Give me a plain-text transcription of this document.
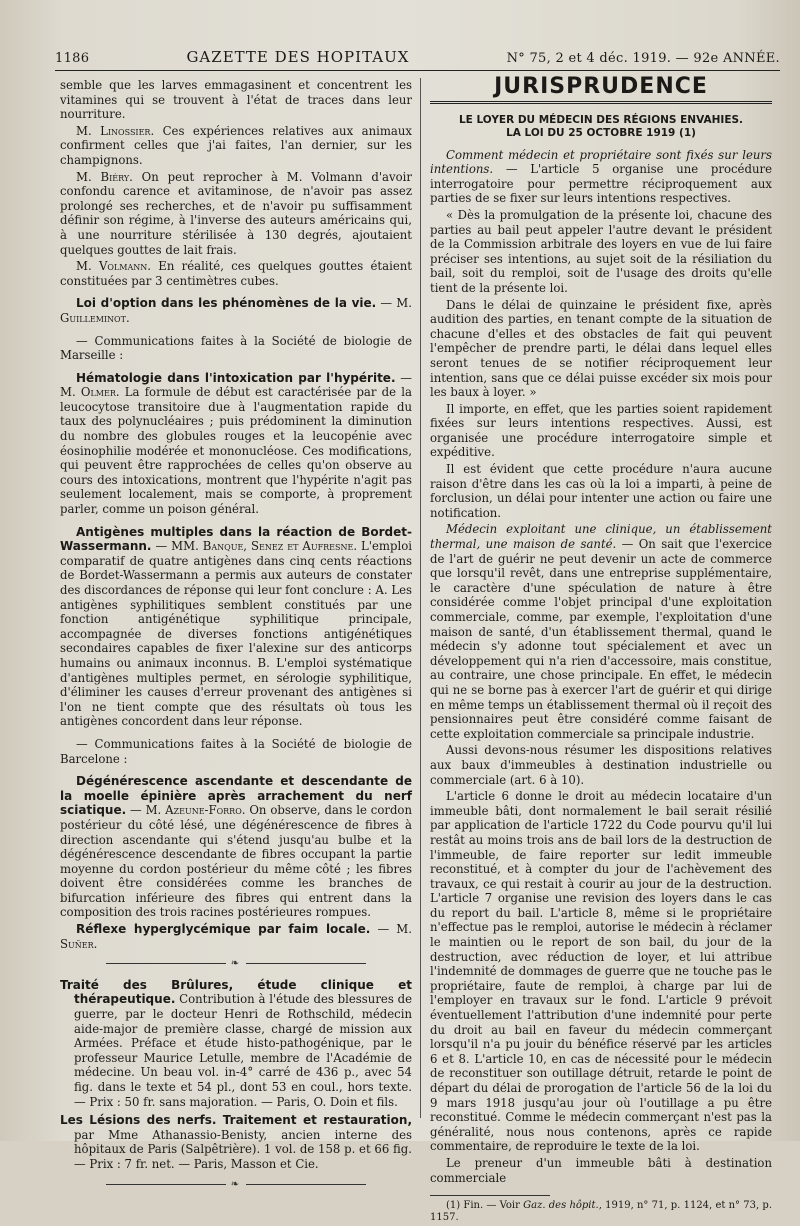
1186	GAZETTE DES HOPITAUX	N° 75, 2 et 4 déc. 1919. — 92e ANNÉE.

semble que les larves emmagasinent et concentrent les vitamines qui se trouvent à l'état de traces dans leur nourriture.

M. Linossier. Ces expériences relatives aux animaux confirment celles que j'ai faites, l'an dernier, sur les champignons.

M. Biéry. On peut reprocher à M. Volmann d'avoir confondu carence et avitaminose, de n'avoir pas assez prolongé ses recherches, et de n'avoir pu suffisamment définir son régime, à l'inverse des auteurs américains qui, à une nourriture stérilisée à 130 degrés, ajoutaient quelques gouttes de lait frais.

M. Volmann. En réalité, ces quelques gouttes étaient constituées par 3 centimètres cubes.

Loi d'option dans les phénomènes de la vie. — M. Guilleminot.

— Communications faites à la Société de biologie de Marseille :

Hématologie dans l'intoxication par l'hypérite. — M. Olmer. La formule de début est caractérisée par de la leucocytose transitoire due à l'augmentation rapide du taux des polynucléaires ; puis prédominent la diminution du nombre des globules rouges et la leucopénie avec éosinophilie modérée et mononucléose. Ces modifications, qui peuvent être rapprochées de celles qu'on observe au cours des intoxications, montrent que l'hypérite n'agit pas seulement localement, mais se comporte, à proprement parler, comme un poison général.

Antigènes multiples dans la réaction de Bordet-Wassermann. — MM. Banque, Senez et Aufresne. L'emploi comparatif de quatre antigènes dans cinq cents réactions de Bordet-Wassermann a permis aux auteurs de constater des discordances de réponse qui leur font conclure : A. Les antigènes syphilitiques semblent constitués par une fonction antigénétique syphilitique principale, accompagnée de diverses fonctions antigénétiques secondaires capables de fixer l'alexine sur des anticorps humains ou animaux inconnus. B. L'emploi systématique d'antigènes multiples permet, en sérologie syphilitique, d'éliminer les causes d'erreur provenant des antigènes si l'on ne tient compte que des résultats où tous les antigènes concordent dans leur réponse.

— Communications faites à la Société de biologie de Barcelone :

Dégénérescence ascendante et descendante de la moelle épinière après arrachement du nerf sciatique. — M. Azeune-Forro. On observe, dans le cordon postérieur du côté lésé, une dégénérescence de fibres à direction ascendante qui s'étend jusqu'au bulbe et la dégénérescence descendante de fibres occupant la partie moyenne du cordon postérieur du même côté ; les fibres doivent être considérées comme les branches de bifurcation inférieure des fibres qui entrent dans la composition des trois racines postérieures rompues.

Réflexe hyperglycémique par faim locale. — M. Suñer.

❧

Traité des Brûlures, étude clinique et thérapeutique. Contribution à l'étude des blessures de guerre, par le docteur Henri de Rothschild, médecin aide-major de première classe, chargé de mission aux Armées. Préface et étude histo-pathogénique, par le professeur Maurice Letulle, membre de l'Académie de médecine. Un beau vol. in-4° carré de 436 p., avec 54 fig. dans le texte et 54 pl., dont 53 en coul., hors texte. — Prix : 50 fr. sans majoration. — Paris, O. Doin et fils.

Les Lésions des nerfs. Traitement et restauration, par Mme Athanassio-Benisty, ancien interne des hôpitaux de Paris (Salpêtrière). 1 vol. de 158 p. et 66 fig. — Prix : 7 fr. net. — Paris, Masson et Cie.

❧
JURISPRUDENCE
LE LOYER DU MÉDECIN DES RÉGIONS ENVAHIES.
LA LOI DU 25 OCTOBRE 1919 (1)

Comment médecin et propriétaire sont fixés sur leurs intentions. — L'article 5 organise une procédure interrogatoire pour permettre réciproquement aux parties de se fixer sur leurs intentions respectives.

« Dès la promulgation de la présente loi, chacune des parties au bail peut appeler l'autre devant le président de la Commission arbitrale des loyers en vue de lui faire préciser ses intentions, au sujet soit de la résiliation du bail, soit du remploi, soit de l'usage des droits qu'elle tient de la présente loi.

Dans le délai de quinzaine le président fixe, après audition des parties, en tenant compte de la situation de chacune d'elles et des obstacles de fait qui peuvent l'empêcher de prendre parti, le délai dans lequel elles seront tenues de se notifier réciproquement leur intention, sans que ce délai puisse excéder six mois pour les baux à loyer. »

Il importe, en effet, que les parties soient rapidement fixées sur leurs intentions respectives. Aussi, est organisée une procédure interrogatoire simple et expéditive.

Il est évident que cette procédure n'aura aucune raison d'être dans les cas où la loi a imparti, à peine de forclusion, un délai pour intenter une action ou faire une notification.

Médecin exploitant une clinique, un établissement thermal, une maison de santé. — On sait que l'exercice de l'art de guérir ne peut devenir un acte de commerce que lorsqu'il revêt, dans une entreprise supplémentaire, le caractère d'une spéculation de nature à être considérée comme l'objet principal d'une exploitation commerciale, comme, par exemple, l'exploitation d'une maison de santé, d'un établissement thermal, quand le médecin s'y adonne tout spécialement et avec un développement qui n'a rien d'accessoire, mais constitue, au contraire, une chose principale. En effet, le médecin qui ne se borne pas à exercer l'art de guérir et qui dirige en même temps un établissement thermal où il reçoit des pensionnaires peut être considéré comme faisant de cette exploitation commerciale sa principale industrie.

Aussi devons-nous résumer les dispositions relatives aux baux d'immeubles à destination industrielle ou commerciale (art. 6 à 10).

L'article 6 donne le droit au médecin locataire d'un immeuble bâti, dont normalement le bail serait résilié par application de l'article 1722 du Code pourvu qu'il lui restât au moins trois ans de bail lors de la destruction de l'immeuble, de faire reporter sur ledit immeuble reconstitué, et à compter du jour de l'achèvement des travaux, ce qui restait à courir au jour de la destruction. L'article 7 organise une revision des loyers dans le cas du report du bail. L'article 8, même si le propriétaire n'effectue pas le remploi, autorise le médecin à réclamer le maintien ou le report de son bail, du jour de la destruction, avec réduction de loyer, et lui attribue l'indemnité de dommages de guerre que ne touche pas le propriétaire, faute de remploi, à charge par lui de l'employer en travaux sur le fond. L'article 9 prévoit éventuellement l'attribution d'une indemnité pour perte du droit au bail en faveur du médecin commerçant lorsqu'il n'a pu jouir du bénéfice réservé par les articles 6 et 8. L'article 10, en cas de nécessité pour le médecin de reconstituer son outillage détruit, retarde le point de départ du délai de prorogation de l'article 56 de la loi du 9 mars 1918 jusqu'au jour où l'outillage a pu être reconstitué. Comme le médecin commerçant n'est pas la généralité, nous nous contenons, après ce rapide commentaire, de reproduire le texte de la loi.

Le preneur d'un immeuble bâti à destination commerciale

(1) Fin. — Voir Gaz. des hôpit., 1919, n° 71, p. 1124, et n° 73, p. 1157.
